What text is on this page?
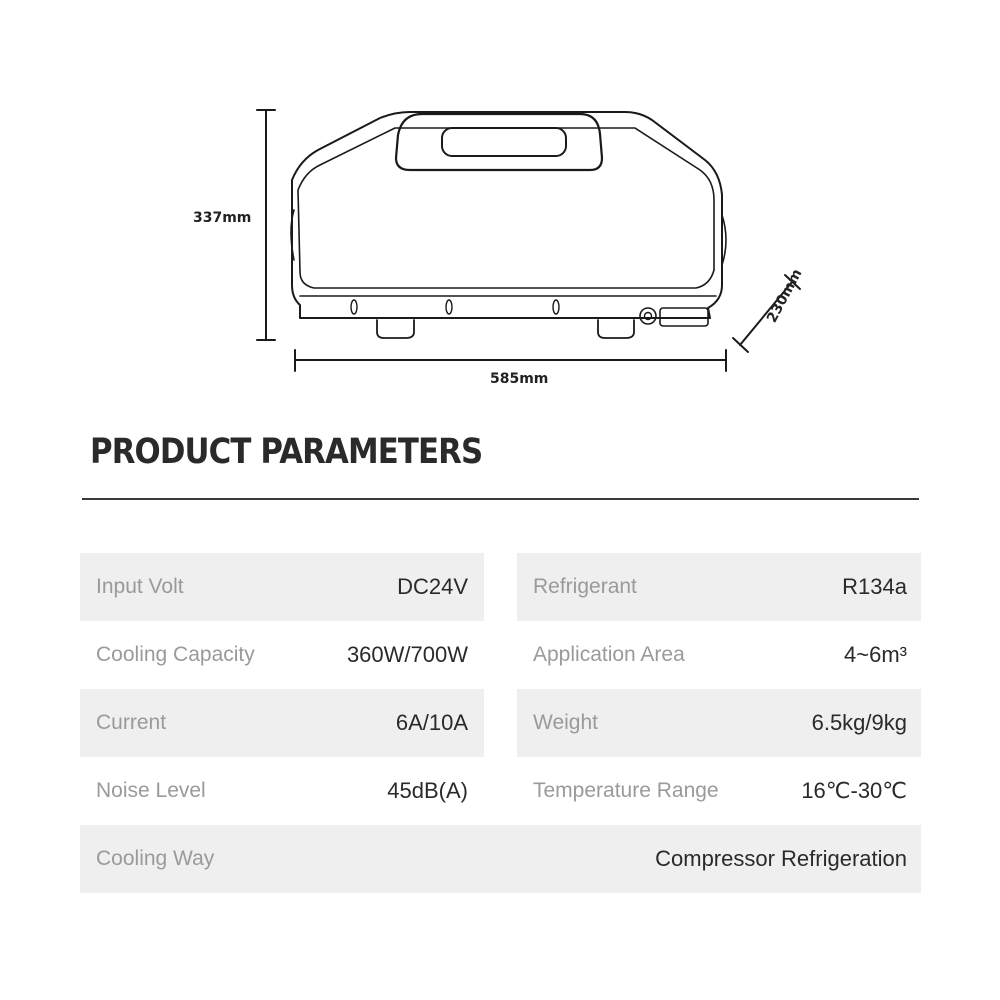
337mm
585mm
230mm
PRODUCT PARAMETERS
Input Volt	DC24V	Refrigerant	R134a
Cooling Capacity	360W/700W	Application Area	4~6m³
Current	6A/10A	Weight	6.5kg/9kg
Noise Level	45dB(A)	Temperature Range	16℃-30℃
Cooling Way	Compressor Refrigeration
